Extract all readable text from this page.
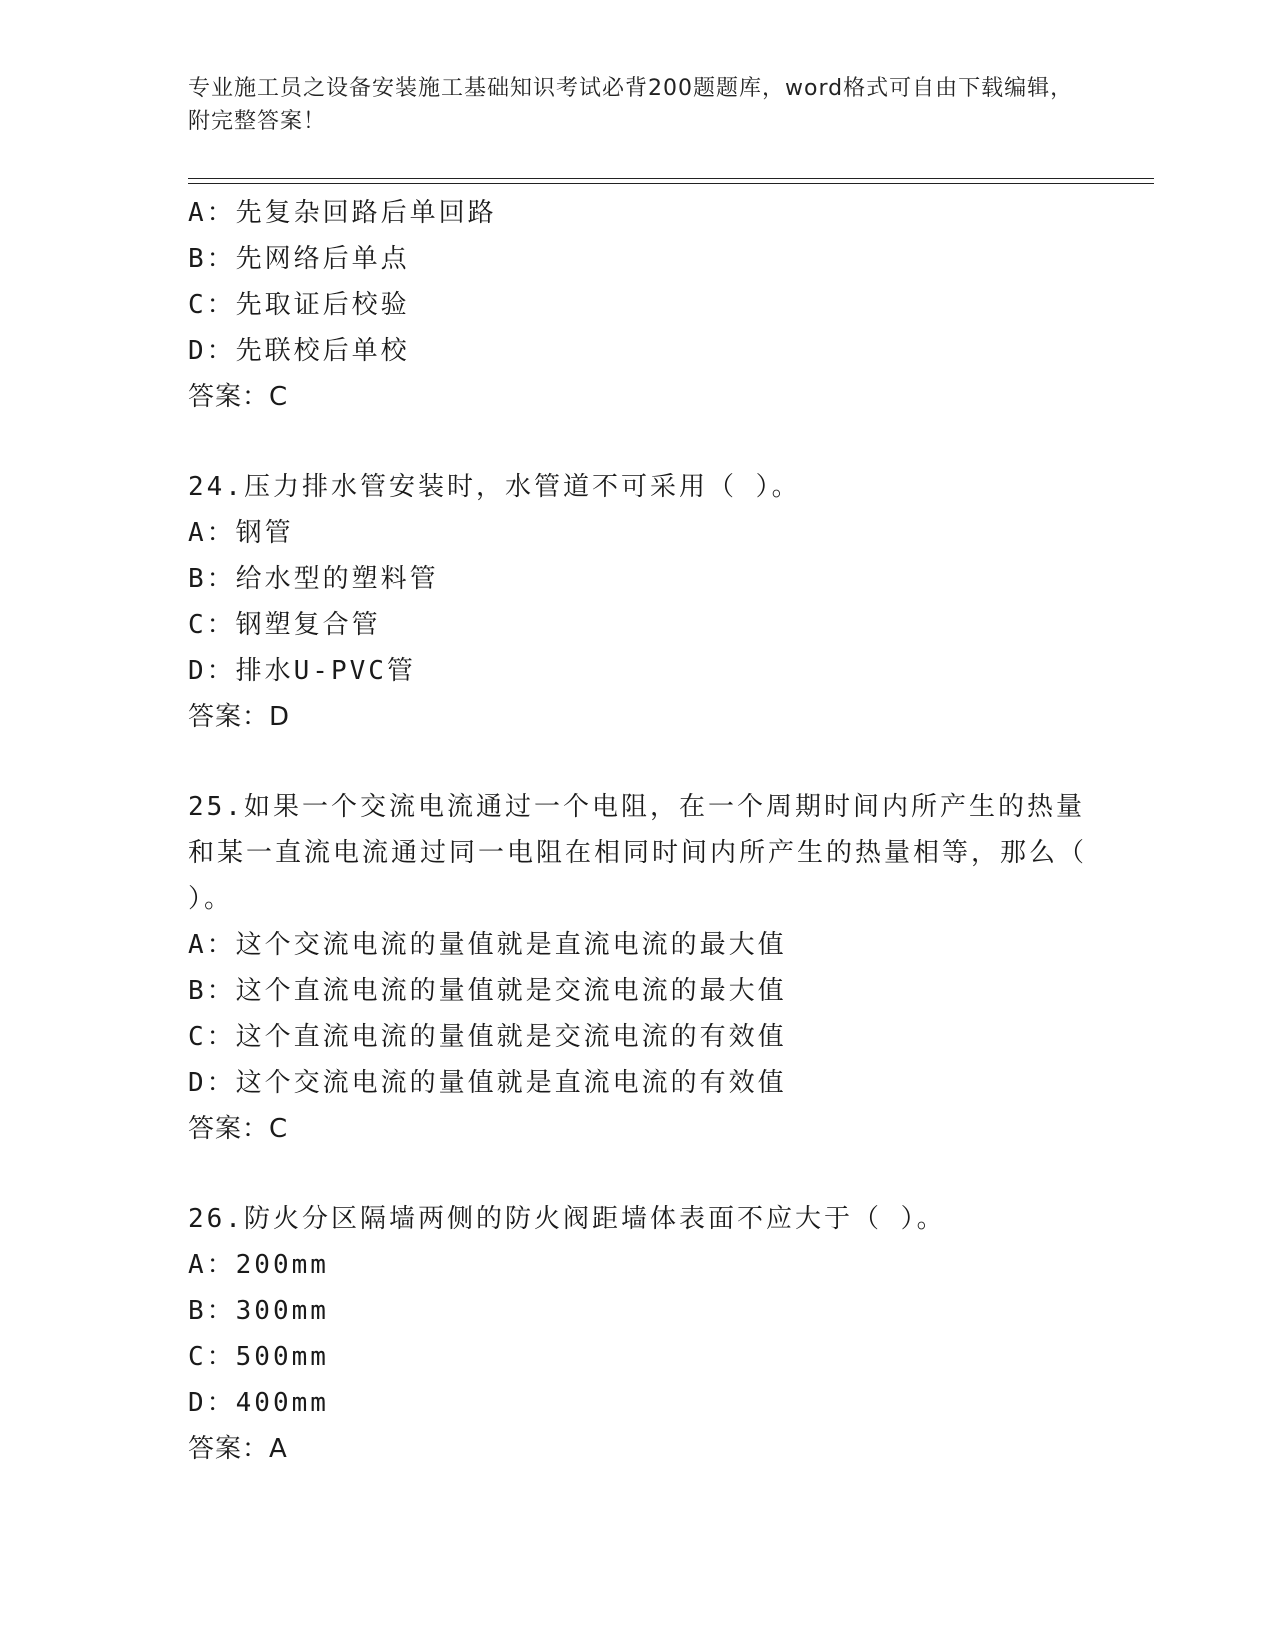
专业施工员之设备安装施工基础知识考试必背200题题库，word格式可自由下载编辑，附完整答案！
A：先复杂回路后单回路
B：先网络后单点
C：先取证后校验
D：先联校后单校
答案：C
24.压力排水管安装时，水管道不可采用（ ）。
A：钢管
B：给水型的塑料管
C：钢塑复合管
D：排水U-PVC管
答案：D
25.如果一个交流电流通过一个电阻，在一个周期时间内所产生的热量和某一直流电流通过同一电阻在相同时间内所产生的热量相等，那么（ ）。
A：这个交流电流的量值就是直流电流的最大值
B：这个直流电流的量值就是交流电流的最大值
C：这个直流电流的量值就是交流电流的有效值
D：这个交流电流的量值就是直流电流的有效值
答案：C
26.防火分区隔墙两侧的防火阀距墙体表面不应大于（ ）。
A：200mm
B：300mm
C：500mm
D：400mm
答案：A
